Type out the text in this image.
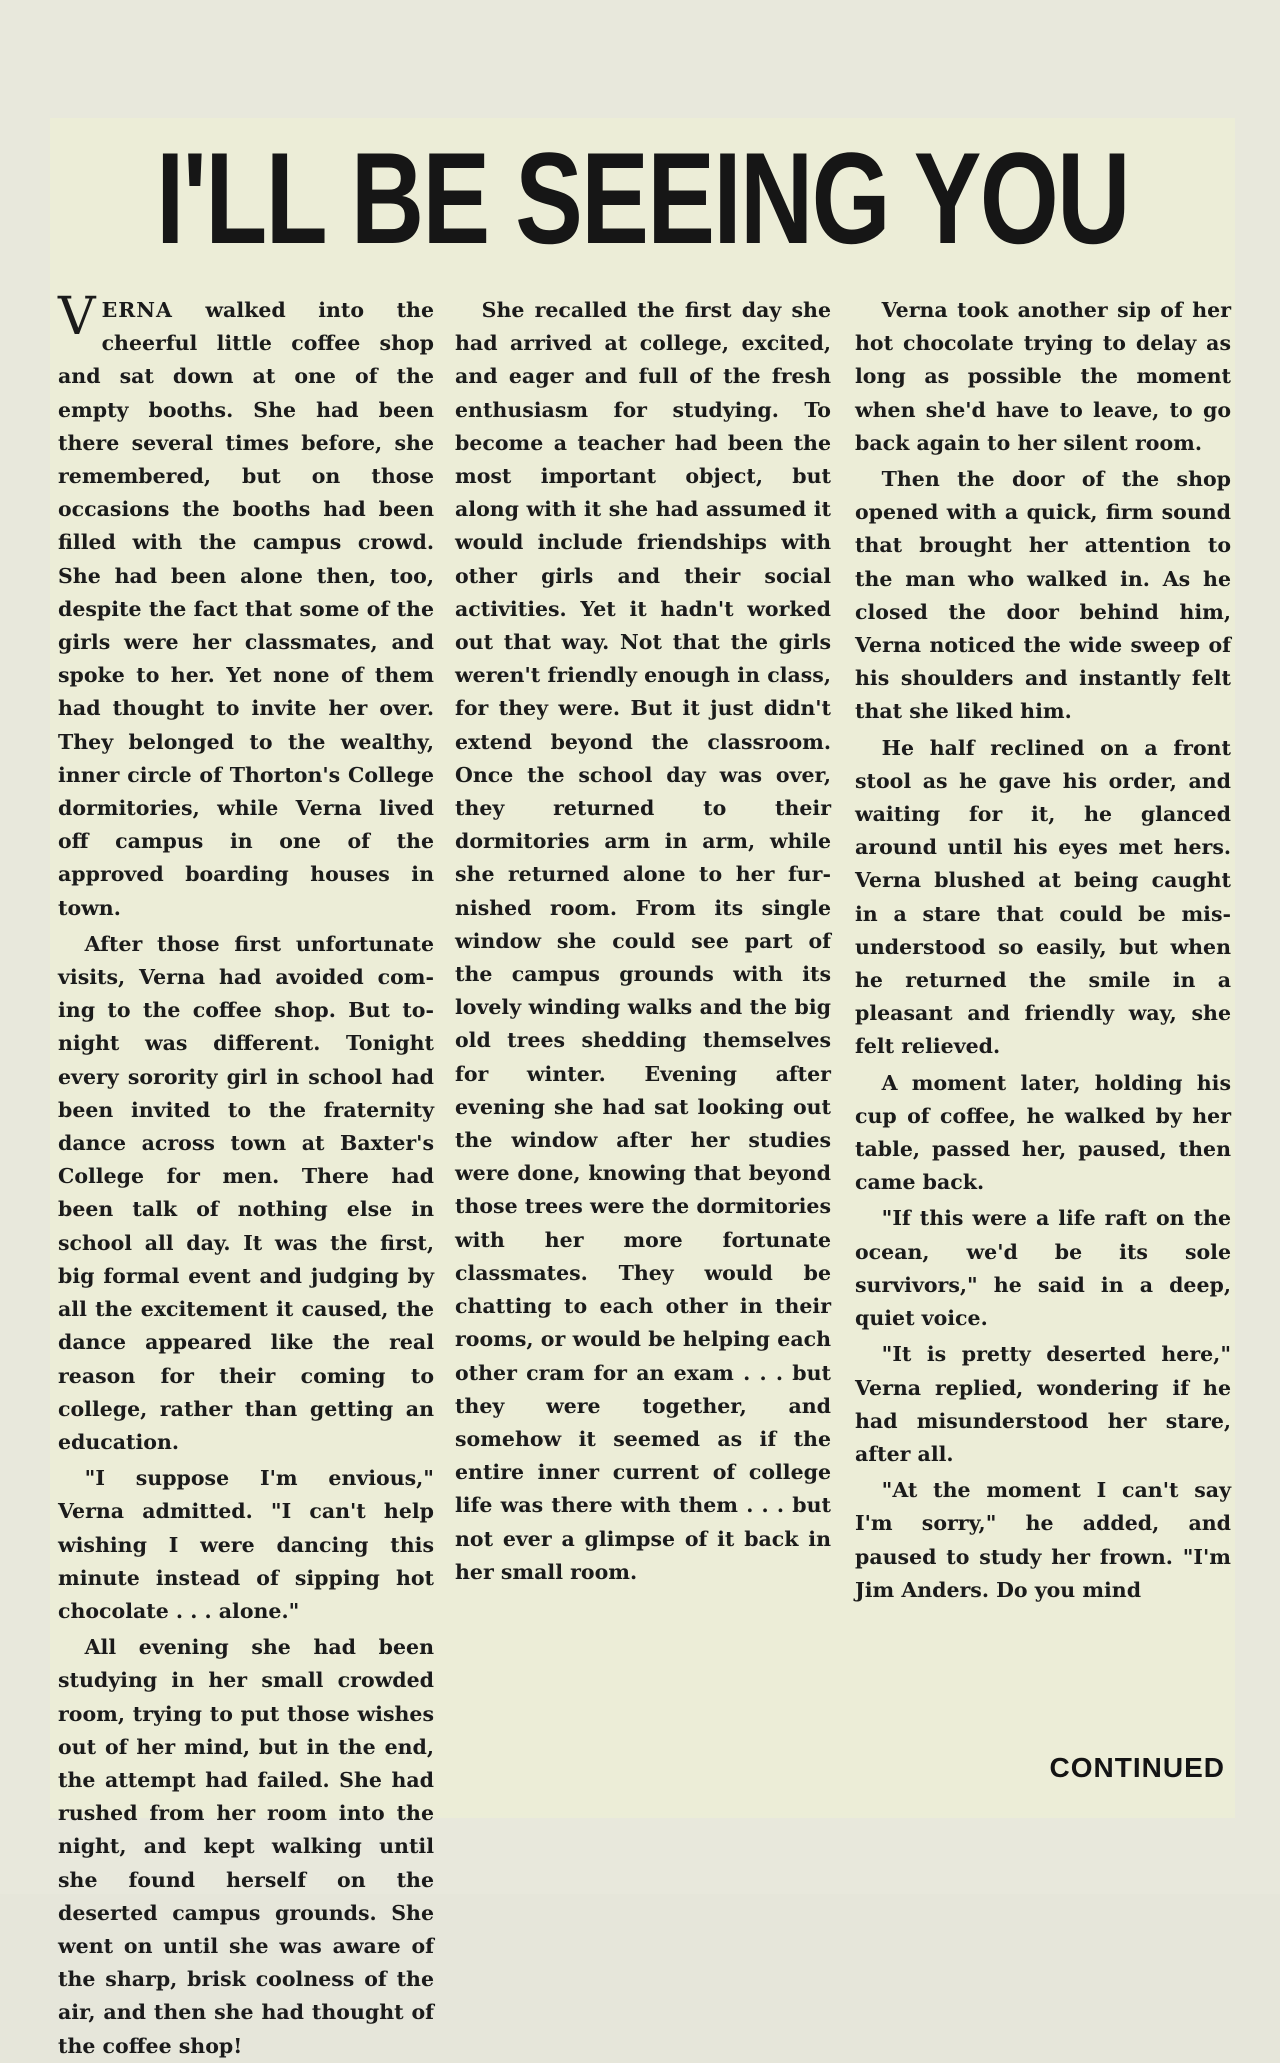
I'LL BE SEEING YOU

VERNA walked into the cheerful little coffee shop and sat down at one of the empty booths. She had been there several times before, she remembered, but on those occasions the booths had been filled with the campus crowd. She had been alone then, too, despite the fact that some of the girls were her classmates, and spoke to her. Yet none of them had thought to invite her over. They belonged to the wealthy, inner circle of Thorton's College dormitories, while Verna lived off campus in one of the approved boarding houses in town.

After those first unfortunate visits, Verna had avoided coming to the coffee shop. But tonight was different. Tonight every sorority girl in school had been invited to the fraternity dance across town at Baxter's College for men. There had been talk of nothing else in school all day. It was the first, big formal event and judging by all the excitement it caused, the dance appeared like the real reason for their coming to college, rather than getting an education.

"I suppose I'm envious," Verna admitted. "I can't help wishing I were dancing this minute instead of sipping hot chocolate . . . alone."

All evening she had been studying in her small crowded room, trying to put those wishes out of her mind, but in the end, the attempt had failed. She had rushed from her room into the night, and kept walking until she found herself on the deserted campus grounds. She went on until she was aware of the sharp, brisk coolness of the air, and then she had thought of the coffee shop!

She recalled the first day she had arrived at college, excited, and eager and full of the fresh enthusiasm for studying. To become a teacher had been the most important object, but along with it she had assumed it would include friendships with other girls and their social activities. Yet it hadn't worked out that way. Not that the girls weren't friendly enough in class, for they were. But it just didn't extend beyond the classroom. Once the school day was over, they returned to their dormitories arm in arm, while she returned alone to her furnished room. From its single window she could see part of the campus grounds with its lovely winding walks and the big old trees shedding themselves for winter. Evening after evening she had sat looking out the window after her studies were done, knowing that beyond those trees were the dormitories with her more fortunate classmates. They would be chatting to each other in their rooms, or would be helping each other cram for an exam . . . but they were together, and somehow it seemed as if the entire inner current of college life was there with them . . . but not ever a glimpse of it back in her small room.

Verna took another sip of her hot chocolate trying to delay as long as possible the moment when she'd have to leave, to go back again to her silent room.

Then the door of the shop opened with a quick, firm sound that brought her attention to the man who walked in. As he closed the door behind him, Verna noticed the wide sweep of his shoulders and instantly felt that she liked him.

He half reclined on a front stool as he gave his order, and waiting for it, he glanced around until his eyes met hers. Verna blushed at being caught in a stare that could be misunderstood so easily, but when he returned the smile in a pleasant and friendly way, she felt relieved.

A moment later, holding his cup of coffee, he walked by her table, passed her, paused, then came back.

"If this were a life raft on the ocean, we'd be its sole survivors," he said in a deep, quiet voice.

"It is pretty deserted here," Verna replied, wondering if he had misunderstood her stare, after all.

"At the moment I can't say I'm sorry," he added, and paused to study her frown. "I'm Jim Anders. Do you mind

CONTINUED
